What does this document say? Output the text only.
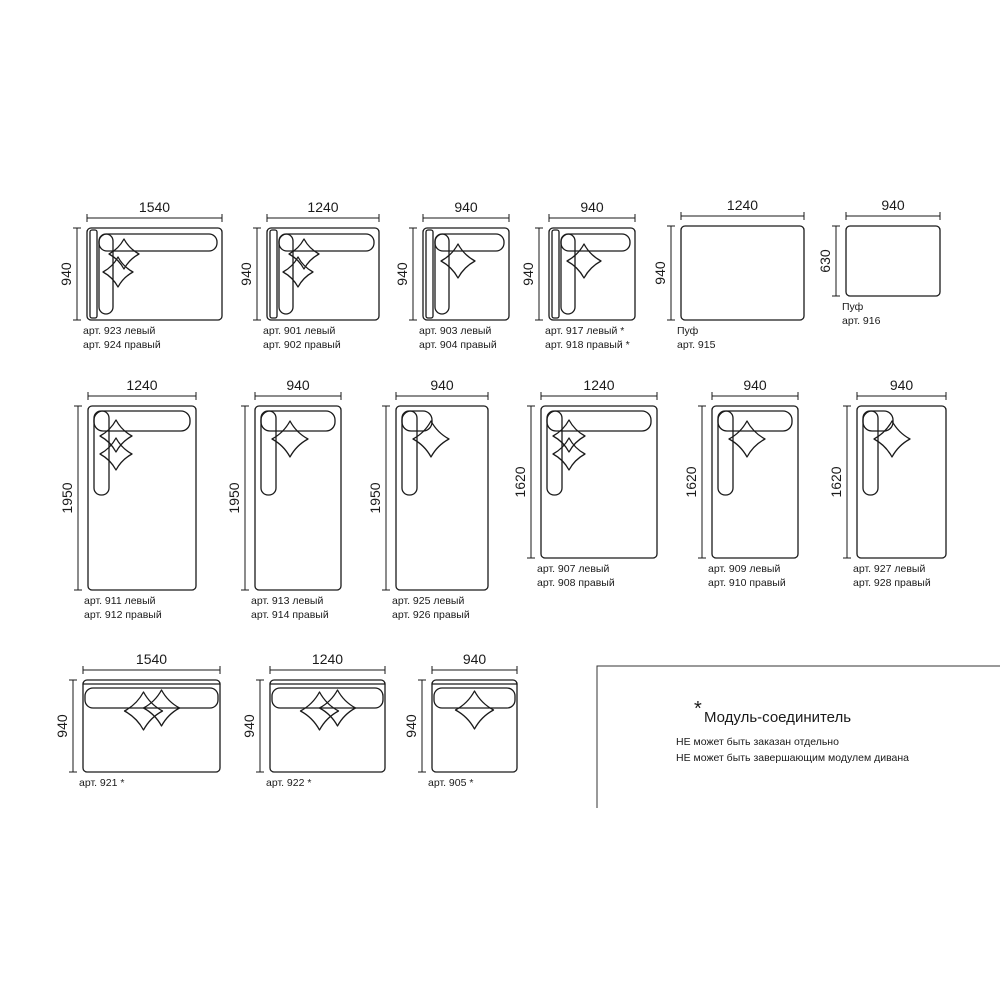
1540
940
арт. 923 левый
арт. 924 правый
1240
940
арт. 901 левый
арт. 902 правый
940
940
арт. 903 левый
арт. 904 правый
940
940
арт. 917 левый *
арт. 918 правый *
1240
940
Пуф
арт. 915
940
630
Пуф
арт. 916
1240
1950
арт. 911 левый
арт. 912 правый
940
1950
арт. 913 левый
арт. 914 правый
940
1950
арт. 925 левый
арт. 926 правый
1240
1620
арт. 907 левый
арт. 908 правый
940
1620
арт. 909 левый
арт. 910 правый
940
1620
арт. 927 левый
арт. 928 правый
1540
940
арт. 921 *
1240
940
арт. 922 *
940
940
арт. 905 *
* Модуль-соединитель
НЕ может быть заказан отдельно
НЕ может быть завершающим модулем дивана
